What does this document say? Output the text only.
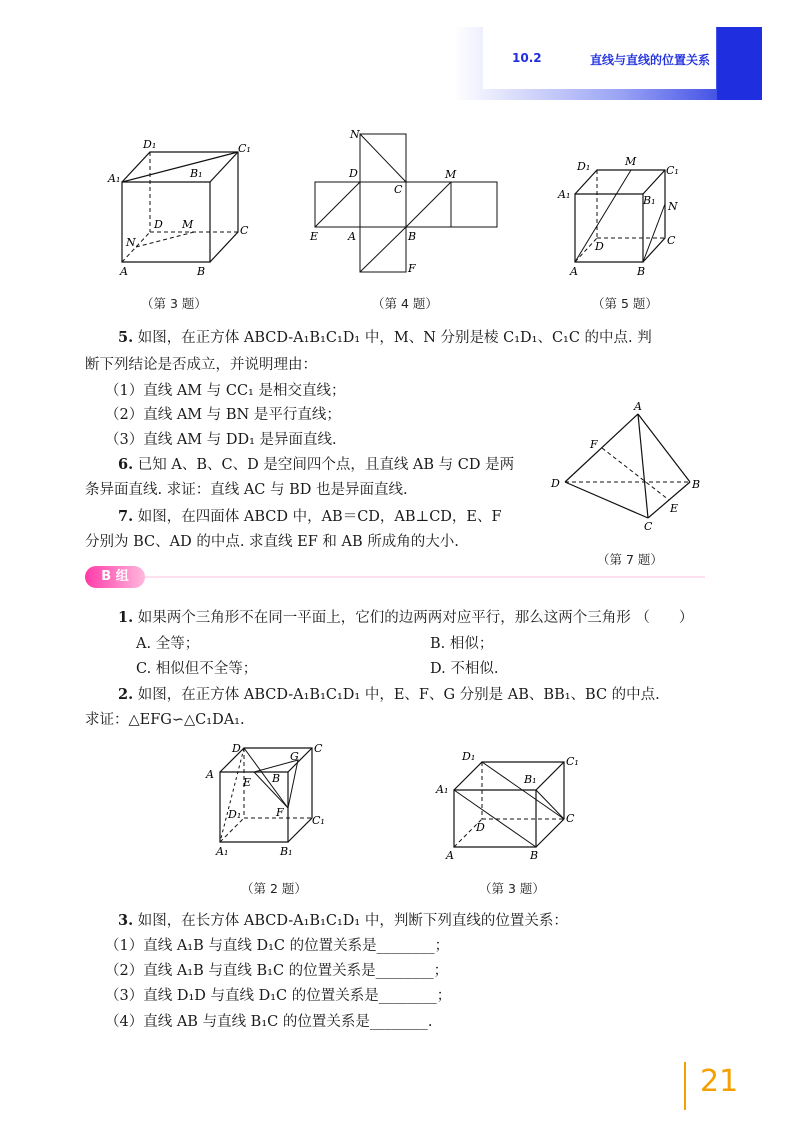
10.2	直线与直线的位置关系
D₁	C₁
A₁	B₁
D M	C
N
A	B
（第 3 题）
N
D
C
M
E	A	B
F
（第 4 题）
D₁	M
C₁
A₁	B₁ N
D	C
A	B
（第 5 题）
5. 如图，在正方体 ABCD-A₁B₁C₁D₁ 中，M、N 分别是棱 C₁D₁、C₁C 的中点. 判
断下列结论是否成立，并说明理由：
（1）直线 AM 与 CC₁ 是相交直线；
（2）直线 AM 与 BN 是平行直线；
（3）直线 AM 与 DD₁ 是异面直线.
6. 已知 A、B、C、D 是空间四个点，且直线 AB 与 CD 是两
条异面直线. 求证：直线 AC 与 BD 也是异面直线.
7. 如图，在四面体 ABCD 中，AB＝CD，AB⊥CD，E、F
分别为 BC、AD 的中点. 求直线 EF 和 AB 所成角的大小.
A
F
D	B
E
C
（第 7 题）
B 组
1. 如果两个三角形不在同一平面上，它们的边两两对应平行，那么这两个三角形 （　　）
A. 全等；	B. 相似；
C. 相似但不全等；	D. 不相似.
2. 如图，在正方体 ABCD-A₁B₁C₁D₁ 中，E、F、G 分别是 AB、BB₁、BC 的中点.
求证：△EFG∽△C₁DA₁.
D	C
G
A
E B
D₁	F
C₁
A₁	B₁
（第 2 题）
D₁	C₁
A₁
B₁
D
C
A	B
（第 3 题）
3. 如图，在长方体 ABCD-A₁B₁C₁D₁ 中，判断下列直线的位置关系：
（1）直线 A₁B 与直线 D₁C 的位置关系是________；
（2）直线 A₁B 与直线 B₁C 的位置关系是________；
（3）直线 D₁D 与直线 D₁C 的位置关系是________；
（4）直线 AB 与直线 B₁C 的位置关系是________.
21
